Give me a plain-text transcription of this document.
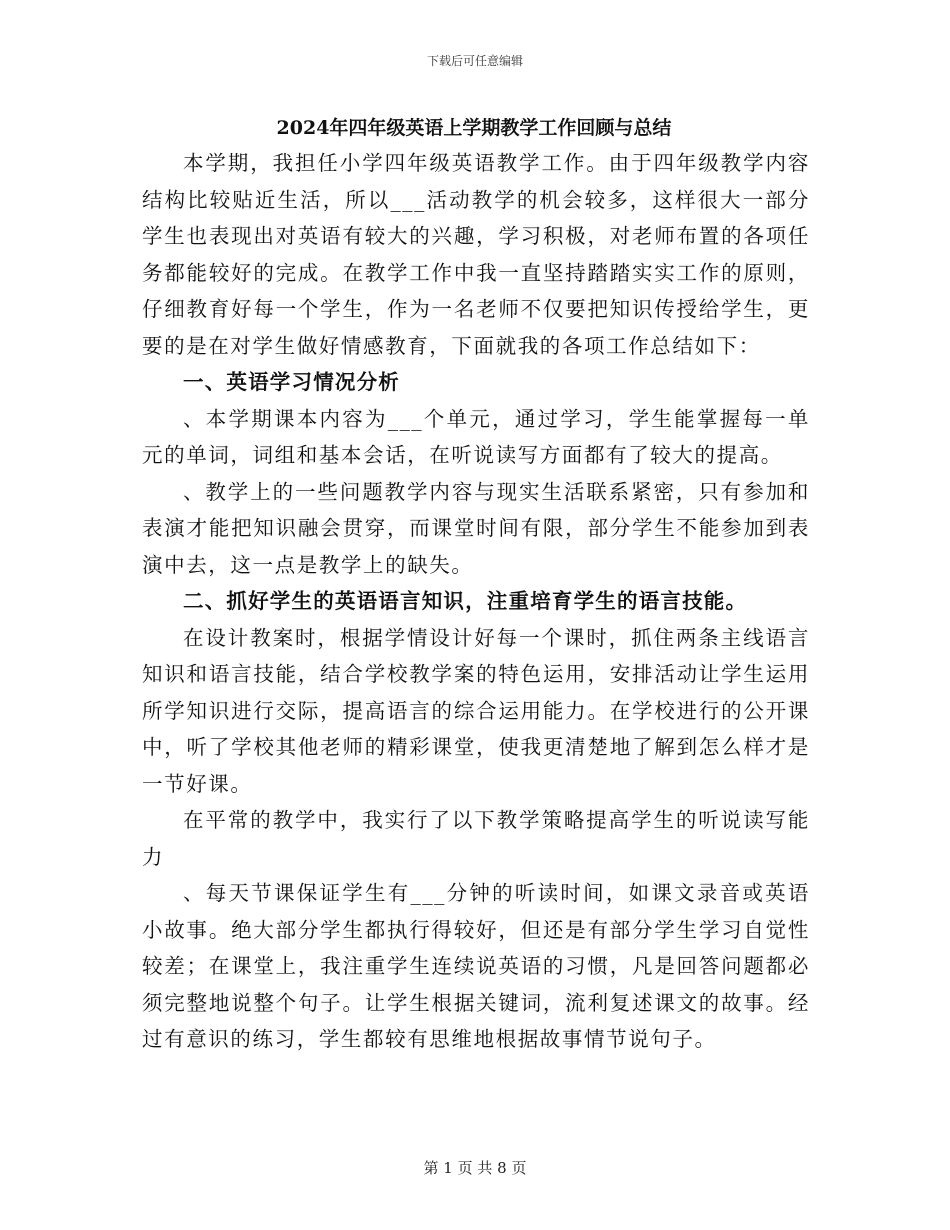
下载后可任意编辑
2024年四年级英语上学期教学工作回顾与总结

本学期，我担任小学四年级英语教学工作。由于四年级教学内容结构比较贴近生活，所以___活动教学的机会较多，这样很大一部分学生也表现出对英语有较大的兴趣，学习积极，对老师布置的各项任务都能较好的完成。在教学工作中我一直坚持踏踏实实工作的原则，仔细教育好每一个学生，作为一名老师不仅要把知识传授给学生，更要的是在对学生做好情感教育，下面就我的各项工作总结如下：

一、英语学习情况分析

、本学期课本内容为___个单元，通过学习，学生能掌握每一单元的单词，词组和基本会话，在听说读写方面都有了较大的提高。

、教学上的一些问题教学内容与现实生活联系紧密，只有参加和表演才能把知识融会贯穿，而课堂时间有限，部分学生不能参加到表演中去，这一点是教学上的缺失。

二、抓好学生的英语语言知识，注重培育学生的语言技能。

在设计教案时，根据学情设计好每一个课时，抓住两条主线语言知识和语言技能，结合学校教学案的特色运用，安排活动让学生运用所学知识进行交际，提高语言的综合运用能力。在学校进行的公开课中，听了学校其他老师的精彩课堂，使我更清楚地了解到怎么样才是一节好课。

在平常的教学中，我实行了以下教学策略提高学生的听说读写能力

、每天节课保证学生有___分钟的听读时间，如课文录音或英语小故事。绝大部分学生都执行得较好，但还是有部分学生学习自觉性较差；在课堂上，我注重学生连续说英语的习惯，凡是回答问题都必须完整地说整个句子。让学生根据关键词，流利复述课文的故事。经过有意识的练习，学生都较有思维地根据故事情节说句子。

第 1 页 共 8 页
